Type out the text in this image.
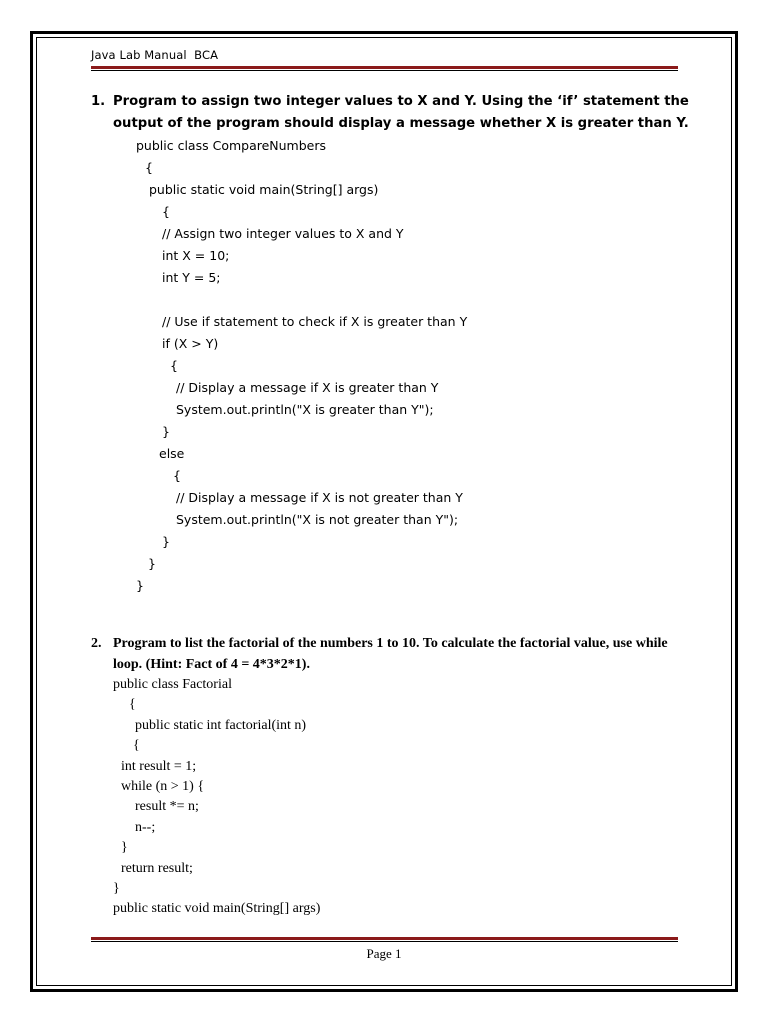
Java Lab Manual  BCA
1. Program to assign two integer values to X and Y. Using the ‘if’ statement the output of the program should display a message whether X is greater than Y.
public class CompareNumbers
{
public static void main(String[] args)
{
// Assign two integer values to X and Y
int X = 10;
int Y = 5;
// Use if statement to check if X is greater than Y
if (X > Y)
{
// Display a message if X is greater than Y
System.out.println("X is greater than Y");
}
else
{
// Display a message if X is not greater than Y
System.out.println("X is not greater than Y");
}
}
}
2. Program to list the factorial of the numbers 1 to 10. To calculate the factorial value, use while loop. (Hint: Fact of 4 = 4*3*2*1).
public class Factorial
{
public static int factorial(int n)
{
int result = 1;
while (n > 1) {
result *= n;
n--;
}
return result;
}
public static void main(String[] args)
Page 1
